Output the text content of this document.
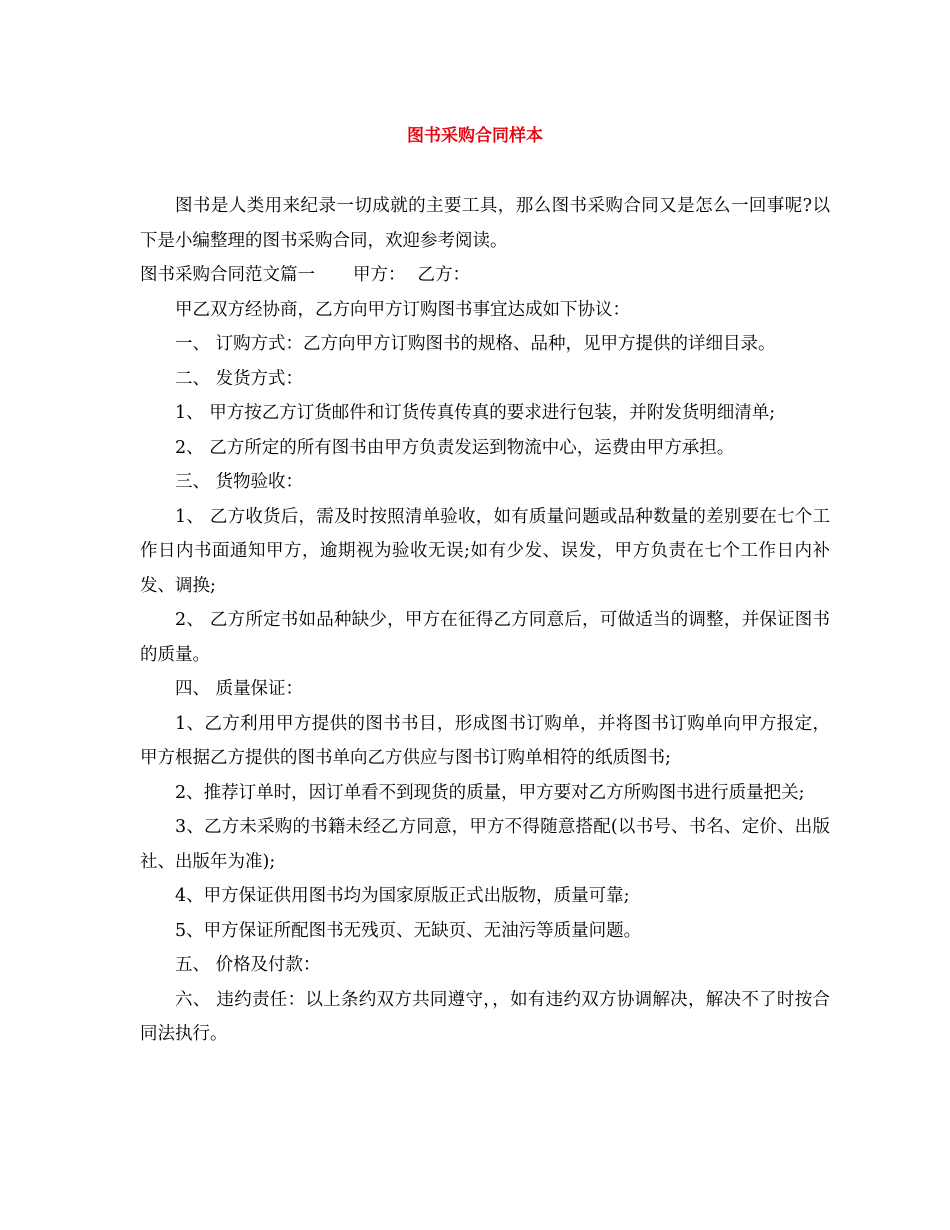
图书采购合同样本

图书是人类用来纪录一切成就的主要工具，那么图书采购合同又是怎么一回事呢?以下是小编整理的图书采购合同，欢迎参考阅读。

图书采购合同范文篇一 甲方： 乙方：

甲乙双方经协商，乙方向甲方订购图书事宜达成如下协议：

一、 订购方式：乙方向甲方订购图书的规格、品种，见甲方提供的详细目录。

二、 发货方式：

1、 甲方按乙方订货邮件和订货传真传真的要求进行包装，并附发货明细清单;

2、 乙方所定的所有图书由甲方负责发运到物流中心，运费由甲方承担。

三、 货物验收：

1、 乙方收货后，需及时按照清单验收，如有质量问题或品种数量的差别要在七个工作日内书面通知甲方，逾期视为验收无误;如有少发、误发，甲方负责在七个工作日内补发、调换;

2、 乙方所定书如品种缺少，甲方在征得乙方同意后，可做适当的调整，并保证图书的质量。

四、 质量保证：

1、乙方利用甲方提供的图书书目，形成图书订购单，并将图书订购单向甲方报定，甲方根据乙方提供的图书单向乙方供应与图书订购单相符的纸质图书;

2、推荐订单时，因订单看不到现货的质量，甲方要对乙方所购图书进行质量把关;

3、乙方未采购的书籍未经乙方同意，甲方不得随意搭配(以书号、书名、定价、出版社、出版年为准);

4、甲方保证供用图书均为国家原版正式出版物，质量可靠;

5、甲方保证所配图书无残页、无缺页、无油污等质量问题。

五、 价格及付款：

六、 违约责任：以上条约双方共同遵守，，如有违约双方协调解决，解决不了时按合同法执行。
